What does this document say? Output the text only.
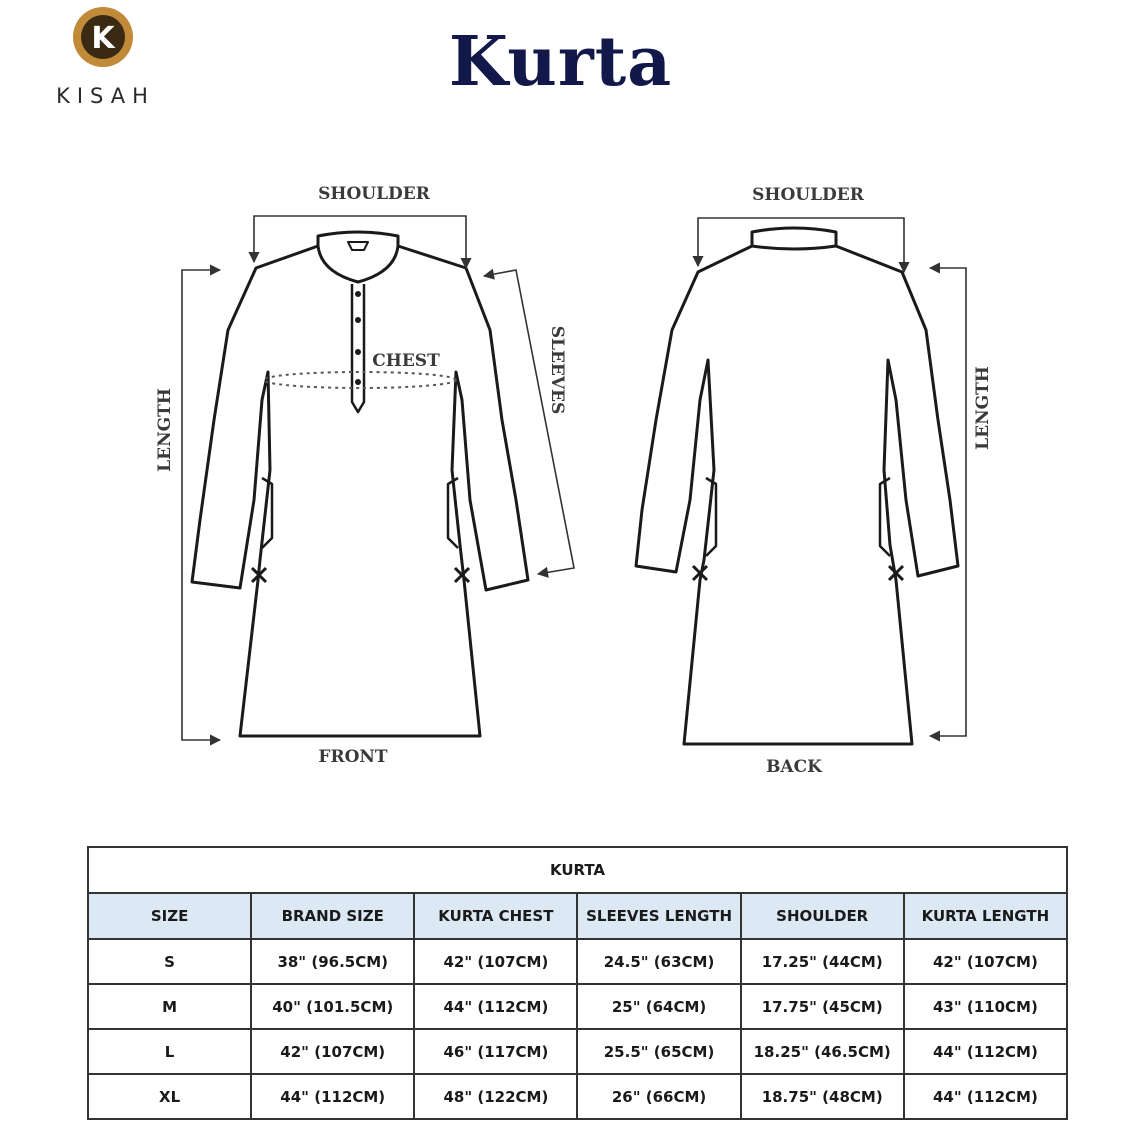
K
KISAH	Kurta
SHOULDER
CHEST	SLEEVES
LENGTH
FRONT
SHOULDER
LENGTH
BACK
KURTA					
SIZE	BRAND SIZE	KURTA CHEST	SLEEVES LENGTH	SHOULDER	KURTA LENGTH
S	38" (96.5CM)	42" (107CM)	24.5" (63CM)	17.25" (44CM)	42" (107CM)
M	40" (101.5CM)	44" (112CM)	25" (64CM)	17.75" (45CM)	43" (110CM)
L	42" (107CM)	46" (117CM)	25.5" (65CM)	18.25" (46.5CM)	44" (112CM)
XL	44" (112CM)	48" (122CM)	26" (66CM)	18.75" (48CM)	44" (112CM)
